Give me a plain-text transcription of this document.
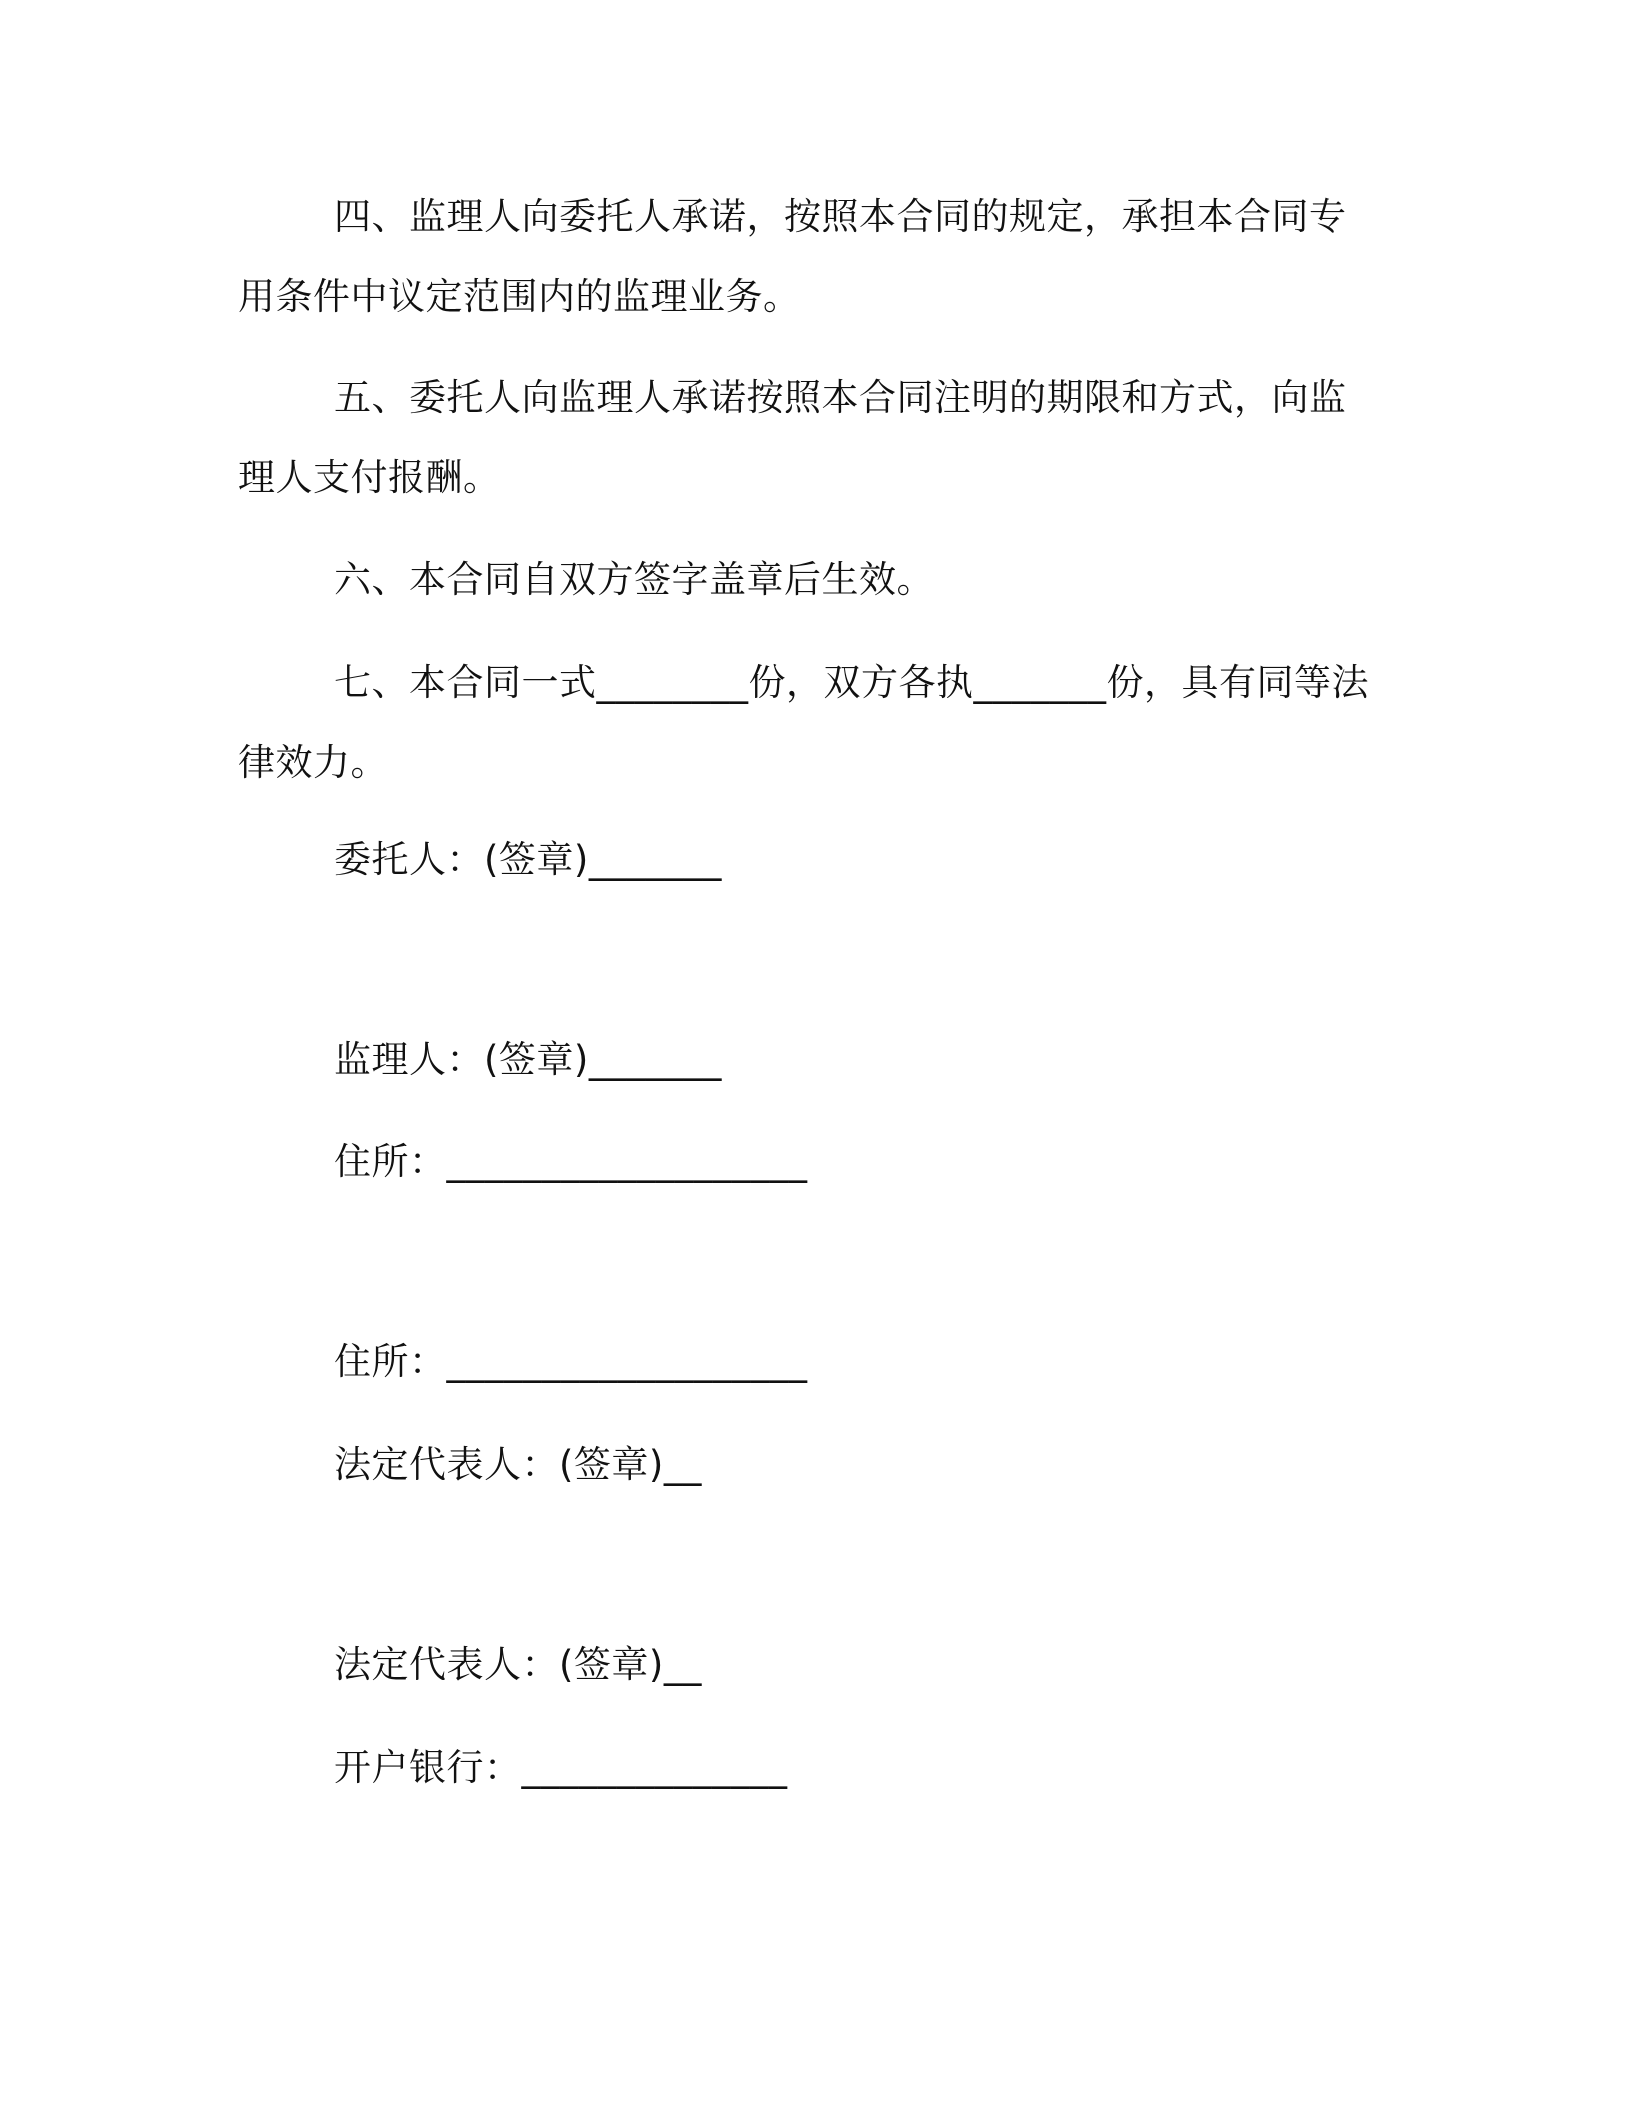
四、监理人向委托人承诺，按照本合同的规定，承担本合同专用条件中议定范围内的监理业务。

五、委托人向监理人承诺按照本合同注明的期限和方式，向监理人支付报酬。

六、本合同自双方签字盖章后生效。

七、本合同一式________份，双方各执_______份，具有同等法律效力。

委托人：(签章)_______

监理人：(签章)_______

住所：___________________

住所：___________________

法定代表人：(签章)__

法定代表人：(签章)__

开户银行：______________
